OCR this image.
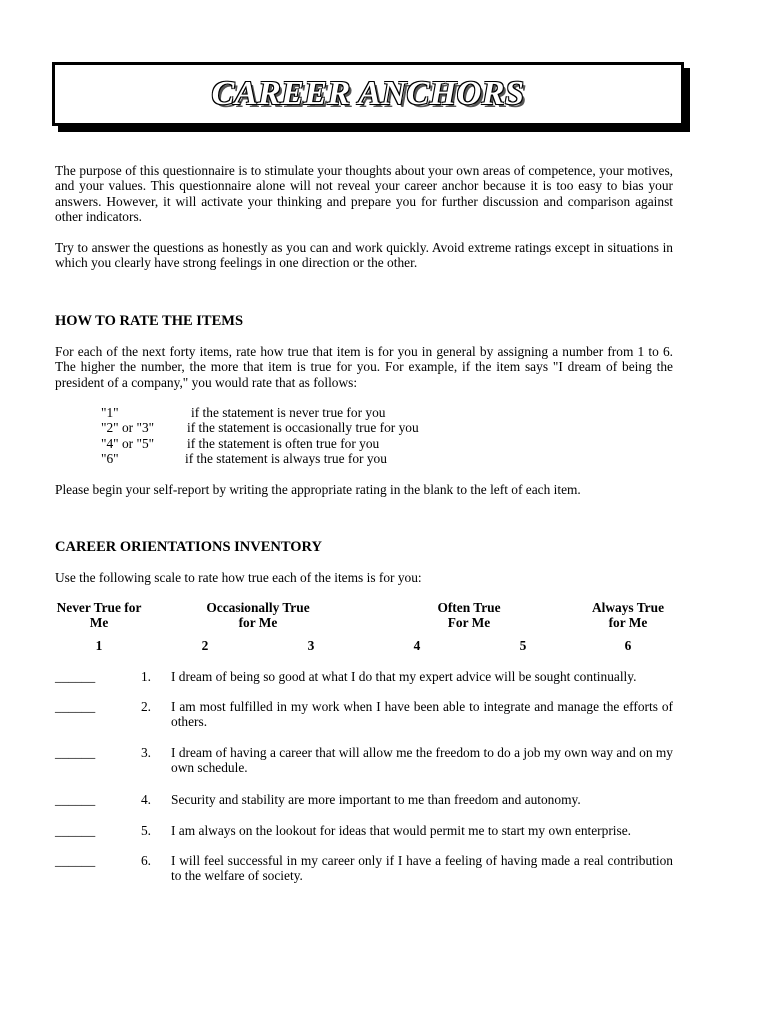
CAREER ANCHORS

The purpose of this questionnaire is to stimulate your thoughts about your own areas of competence, your motives, and your values. This questionnaire alone will not reveal your career anchor because it is too easy to bias your answers. However, it will activate your thinking and prepare you for further discussion and comparison against other indicators.

Try to answer the questions as honestly as you can and work quickly. Avoid extreme ratings except in situations in which you clearly have strong feelings in one direction or the other.

HOW TO RATE THE ITEMS

For each of the next forty items, rate how true that item is for you in general by assigning a number from 1 to 6. The higher the number, the more that item is true for you. For example, if the item says "I dream of being the president of a company," you would rate that as follows:

"1"	if the statement is never true for you
"2" or "3"	if the statement is occasionally true for you
"4" or "5"	if the statement is often true for you
"6"	if the statement is always true for you

Please begin your self-report by writing the appropriate rating in the blank to the left of each item.

CAREER ORIENTATIONS INVENTORY

Use the following scale to rate how true each of the items is for you:

Never True for
Me
Occasionally True
for Me
Often True
For Me
Always True
for Me
1	2	3	4	5	6
______	1. I dream of being so good at what I do that my expert advice will be sought continually.
______	2. I am most fulfilled in my work when I have been able to integrate and manage the efforts of others.
______	3. I dream of having a career that will allow me the freedom to do a job my own way and on my own schedule.
______	4. Security and stability are more important to me than freedom and autonomy.
______	5. I am always on the lookout for ideas that would permit me to start my own enterprise.
______	6. I will feel successful in my career only if I have a feeling of having made a real contribution to the welfare of society.
